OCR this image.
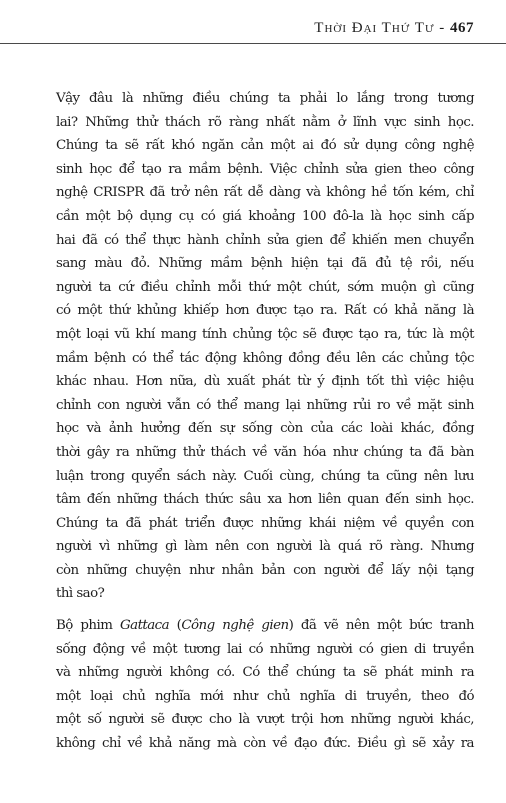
Thời Đại Thứ Tư - 467

Vậy đâu là những điều chúng ta phải lo lắng trong tương
lai? Những thử thách rõ ràng nhất nằm ở lĩnh vực sinh học.
Chúng ta sẽ rất khó ngăn cản một ai đó sử dụng công nghệ
sinh học để tạo ra mầm bệnh. Việc chỉnh sửa gien theo công
nghệ CRISPR đã trở nên rất dễ dàng và không hề tốn kém, chỉ
cần một bộ dụng cụ có giá khoảng 100 đô-la là học sinh cấp
hai đã có thể thực hành chỉnh sửa gien để khiến men chuyển
sang màu đỏ. Những mầm bệnh hiện tại đã đủ tệ rồi, nếu
người ta cứ điều chỉnh mỗi thứ một chút, sớm muộn gì cũng
có một thứ khủng khiếp hơn được tạo ra. Rất có khả năng là
một loại vũ khí mang tính chủng tộc sẽ được tạo ra, tức là một
mầm bệnh có thể tác động không đồng đều lên các chủng tộc
khác nhau. Hơn nữa, dù xuất phát từ ý định tốt thì việc hiệu
chỉnh con người vẫn có thể mang lại những rủi ro về mặt sinh
học và ảnh hưởng đến sự sống còn của các loài khác, đồng
thời gây ra những thử thách về văn hóa như chúng ta đã bàn
luận trong quyển sách này. Cuối cùng, chúng ta cũng nên lưu
tâm đến những thách thức sâu xa hơn liên quan đến sinh học.
Chúng ta đã phát triển được những khái niệm về quyền con
người vì những gì làm nên con người là quá rõ ràng. Nhưng
còn những chuyện như nhân bản con người để lấy nội tạng
thì sao?

Bộ phim Gattaca (Công nghệ gien) đã vẽ nên một bức tranh
sống động về một tương lai có những người có gien di truyền
và những người không có. Có thể chúng ta sẽ phát minh ra
một loại chủ nghĩa mới như chủ nghĩa di truyền, theo đó
một số người sẽ được cho là vượt trội hơn những người khác,
không chỉ về khả năng mà còn về đạo đức. Điều gì sẽ xảy ra
